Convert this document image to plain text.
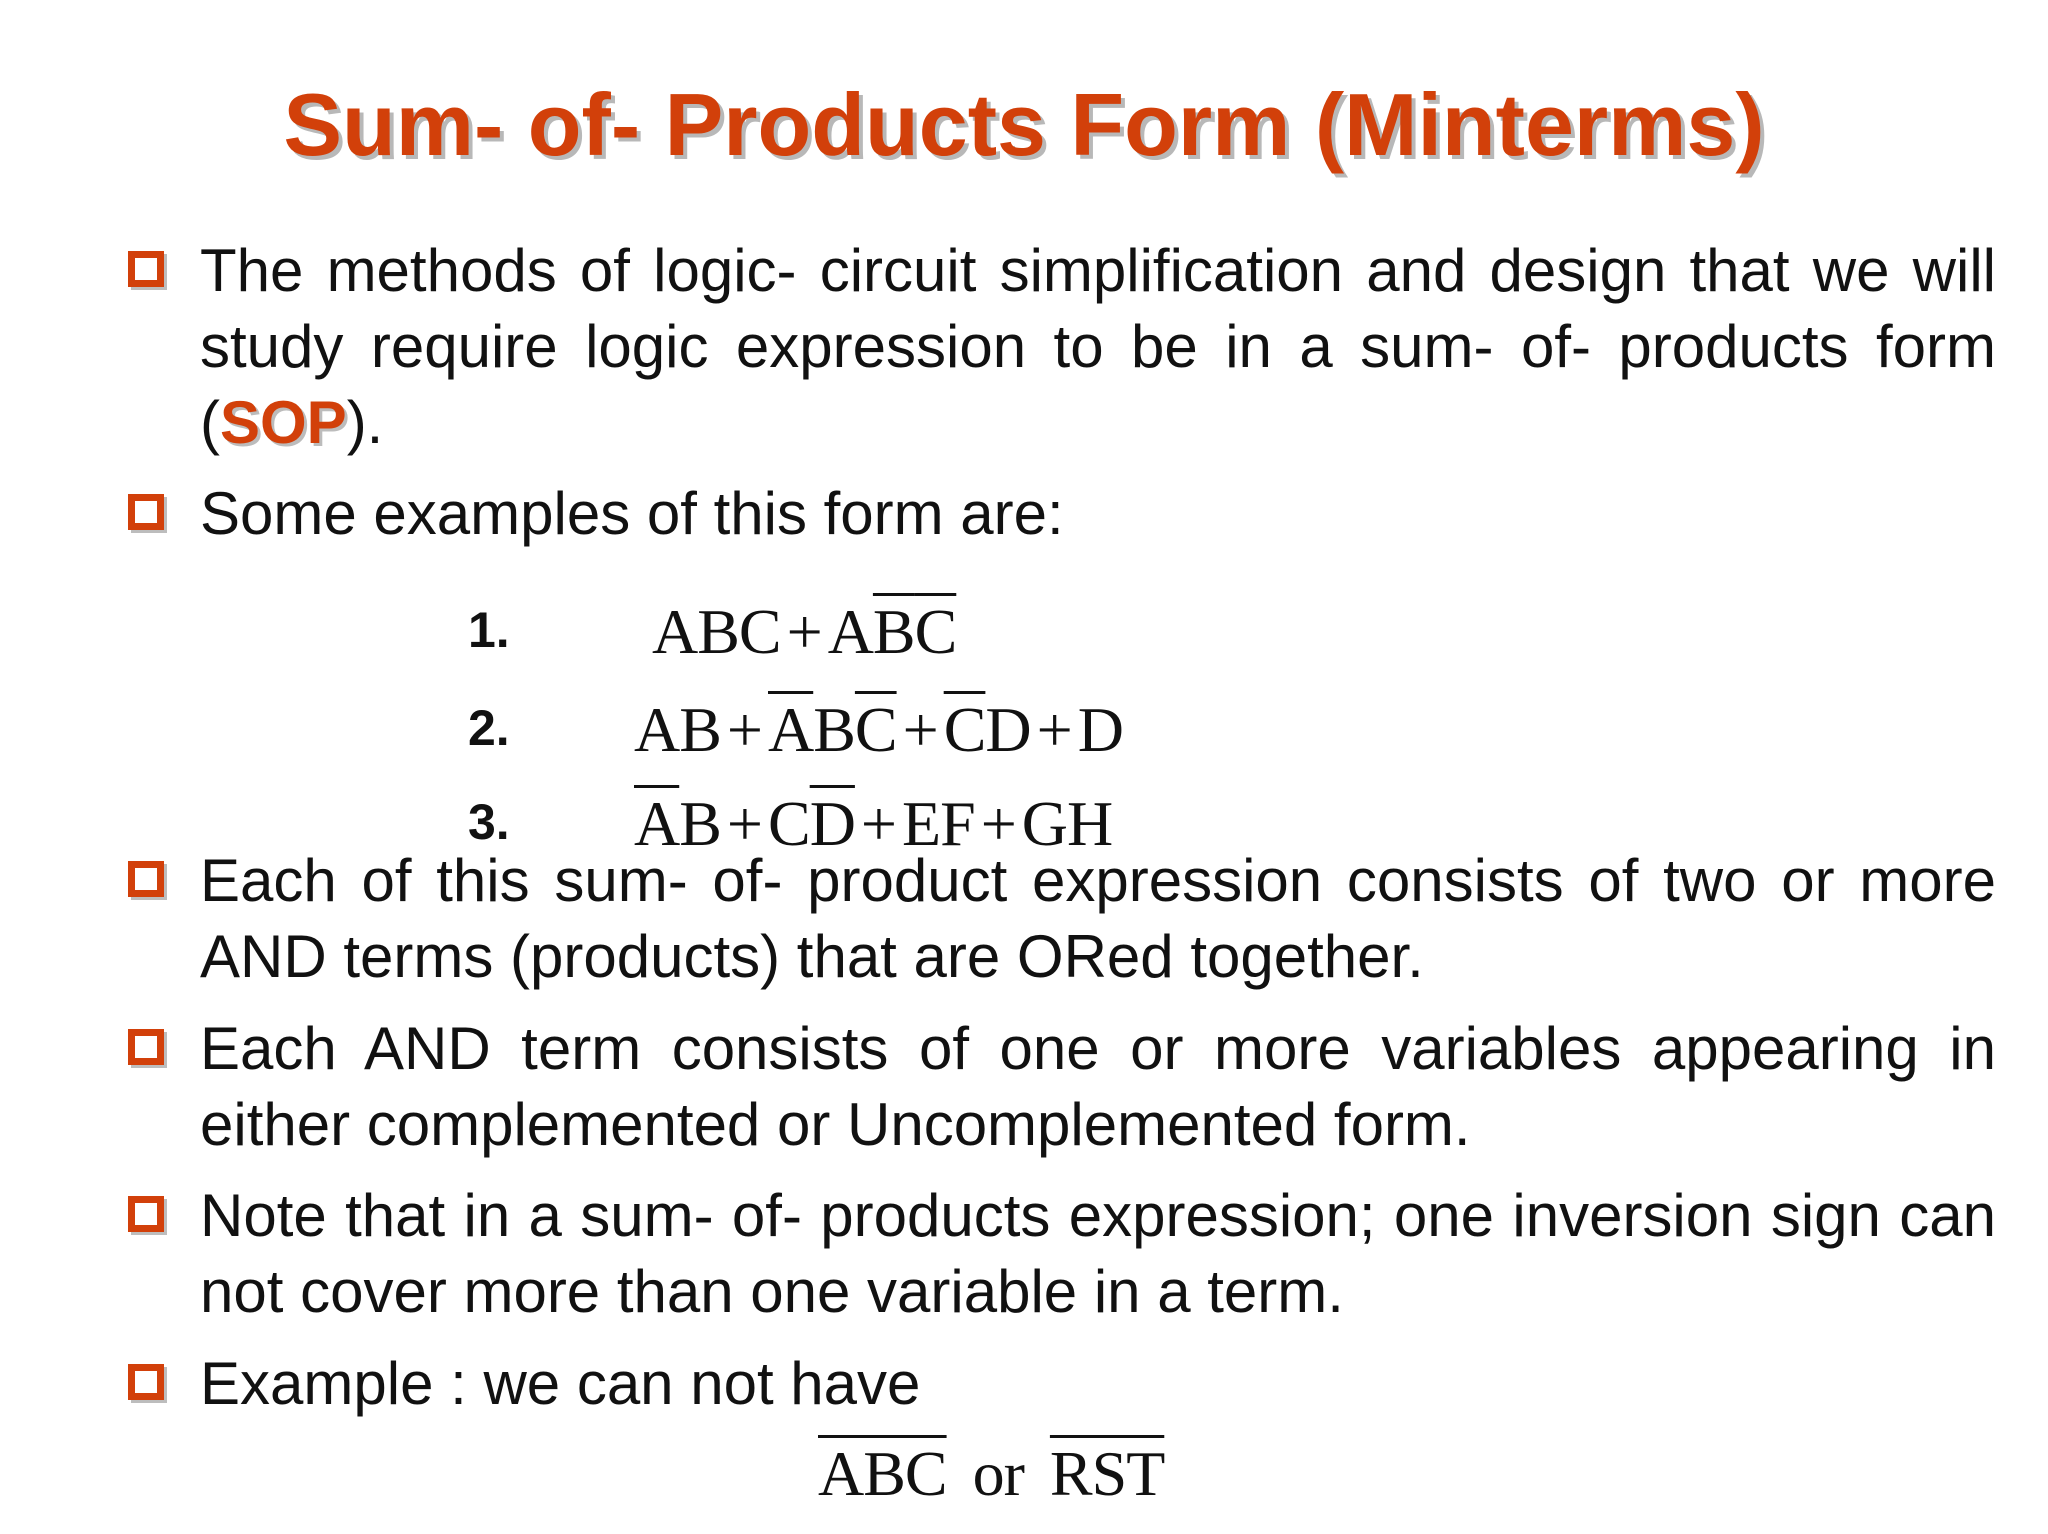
Sum- of- Products Form (Minterms)
The methods of logic- circuit simplification and design that we will study require logic expression to be in a sum- of- products form (SOP).
Some examples of this form are:
1. $ABC+A\overline{B}\overline{C}$
2. $AB+\overline{A}B\overline{C}+\overline{C}D+D$
3. $\overline{A}B+C\overline{D}+EF+GH$
Each of this sum- of- product expression consists of two or more AND terms (products) that are ORed together.
Each AND term consists of one or more variables appearing in either complemented or Uncomplemented form.
Note that in a sum- of- products expression; one inversion sign can not cover more than one variable in a term.
Example : we can not have
$\overline{ABC}$ or $\overline{RST}$
